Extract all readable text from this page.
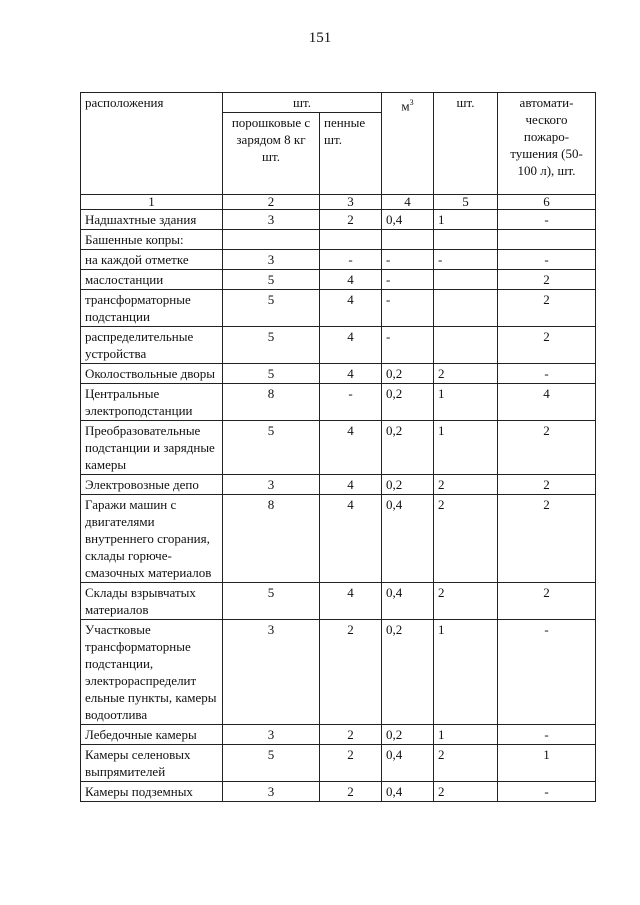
151
расположения	шт.		$м^3$	шт.	автомати-ческого пожаро-тушения (50-100 л), шт.
	порошковые с зарядом 8 кг шт.	пенные шт.			
1	2	3	4	5	6
Надшахтные здания	3	2	0,4	1	-
Башенные копры:					
на каждой отметке	3	-	-	-	-
маслостанции	5	4	-		2
трансформаторные подстанции	5	4	-		2
распределительные устройства	5	4	-		2
Околоствольные дворы	5	4	0,2	2	-
Центральные электроподстанции	8	-	0,2	1	4
Преобразовательные подстанции и зарядные камеры	5	4	0,2	1	2
Электровозные депо	3	4	0,2	2	2
Гаражи машин с двигателями внутреннего сгорания, склады горюче-смазочных материалов	8	4	0,4	2	2
Склады взрывчатых материалов	5	4	0,4	2	2
Участковые трансформаторные подстанции, электрораспределит ельные пункты, камеры водоотлива	3	2	0,2	1	-
Лебедочные камеры	3	2	0,2	1	-
Камеры селеновых выпрямителей	5	2	0,4	2	1
Камеры подземных	3	2	0,4	2	-
